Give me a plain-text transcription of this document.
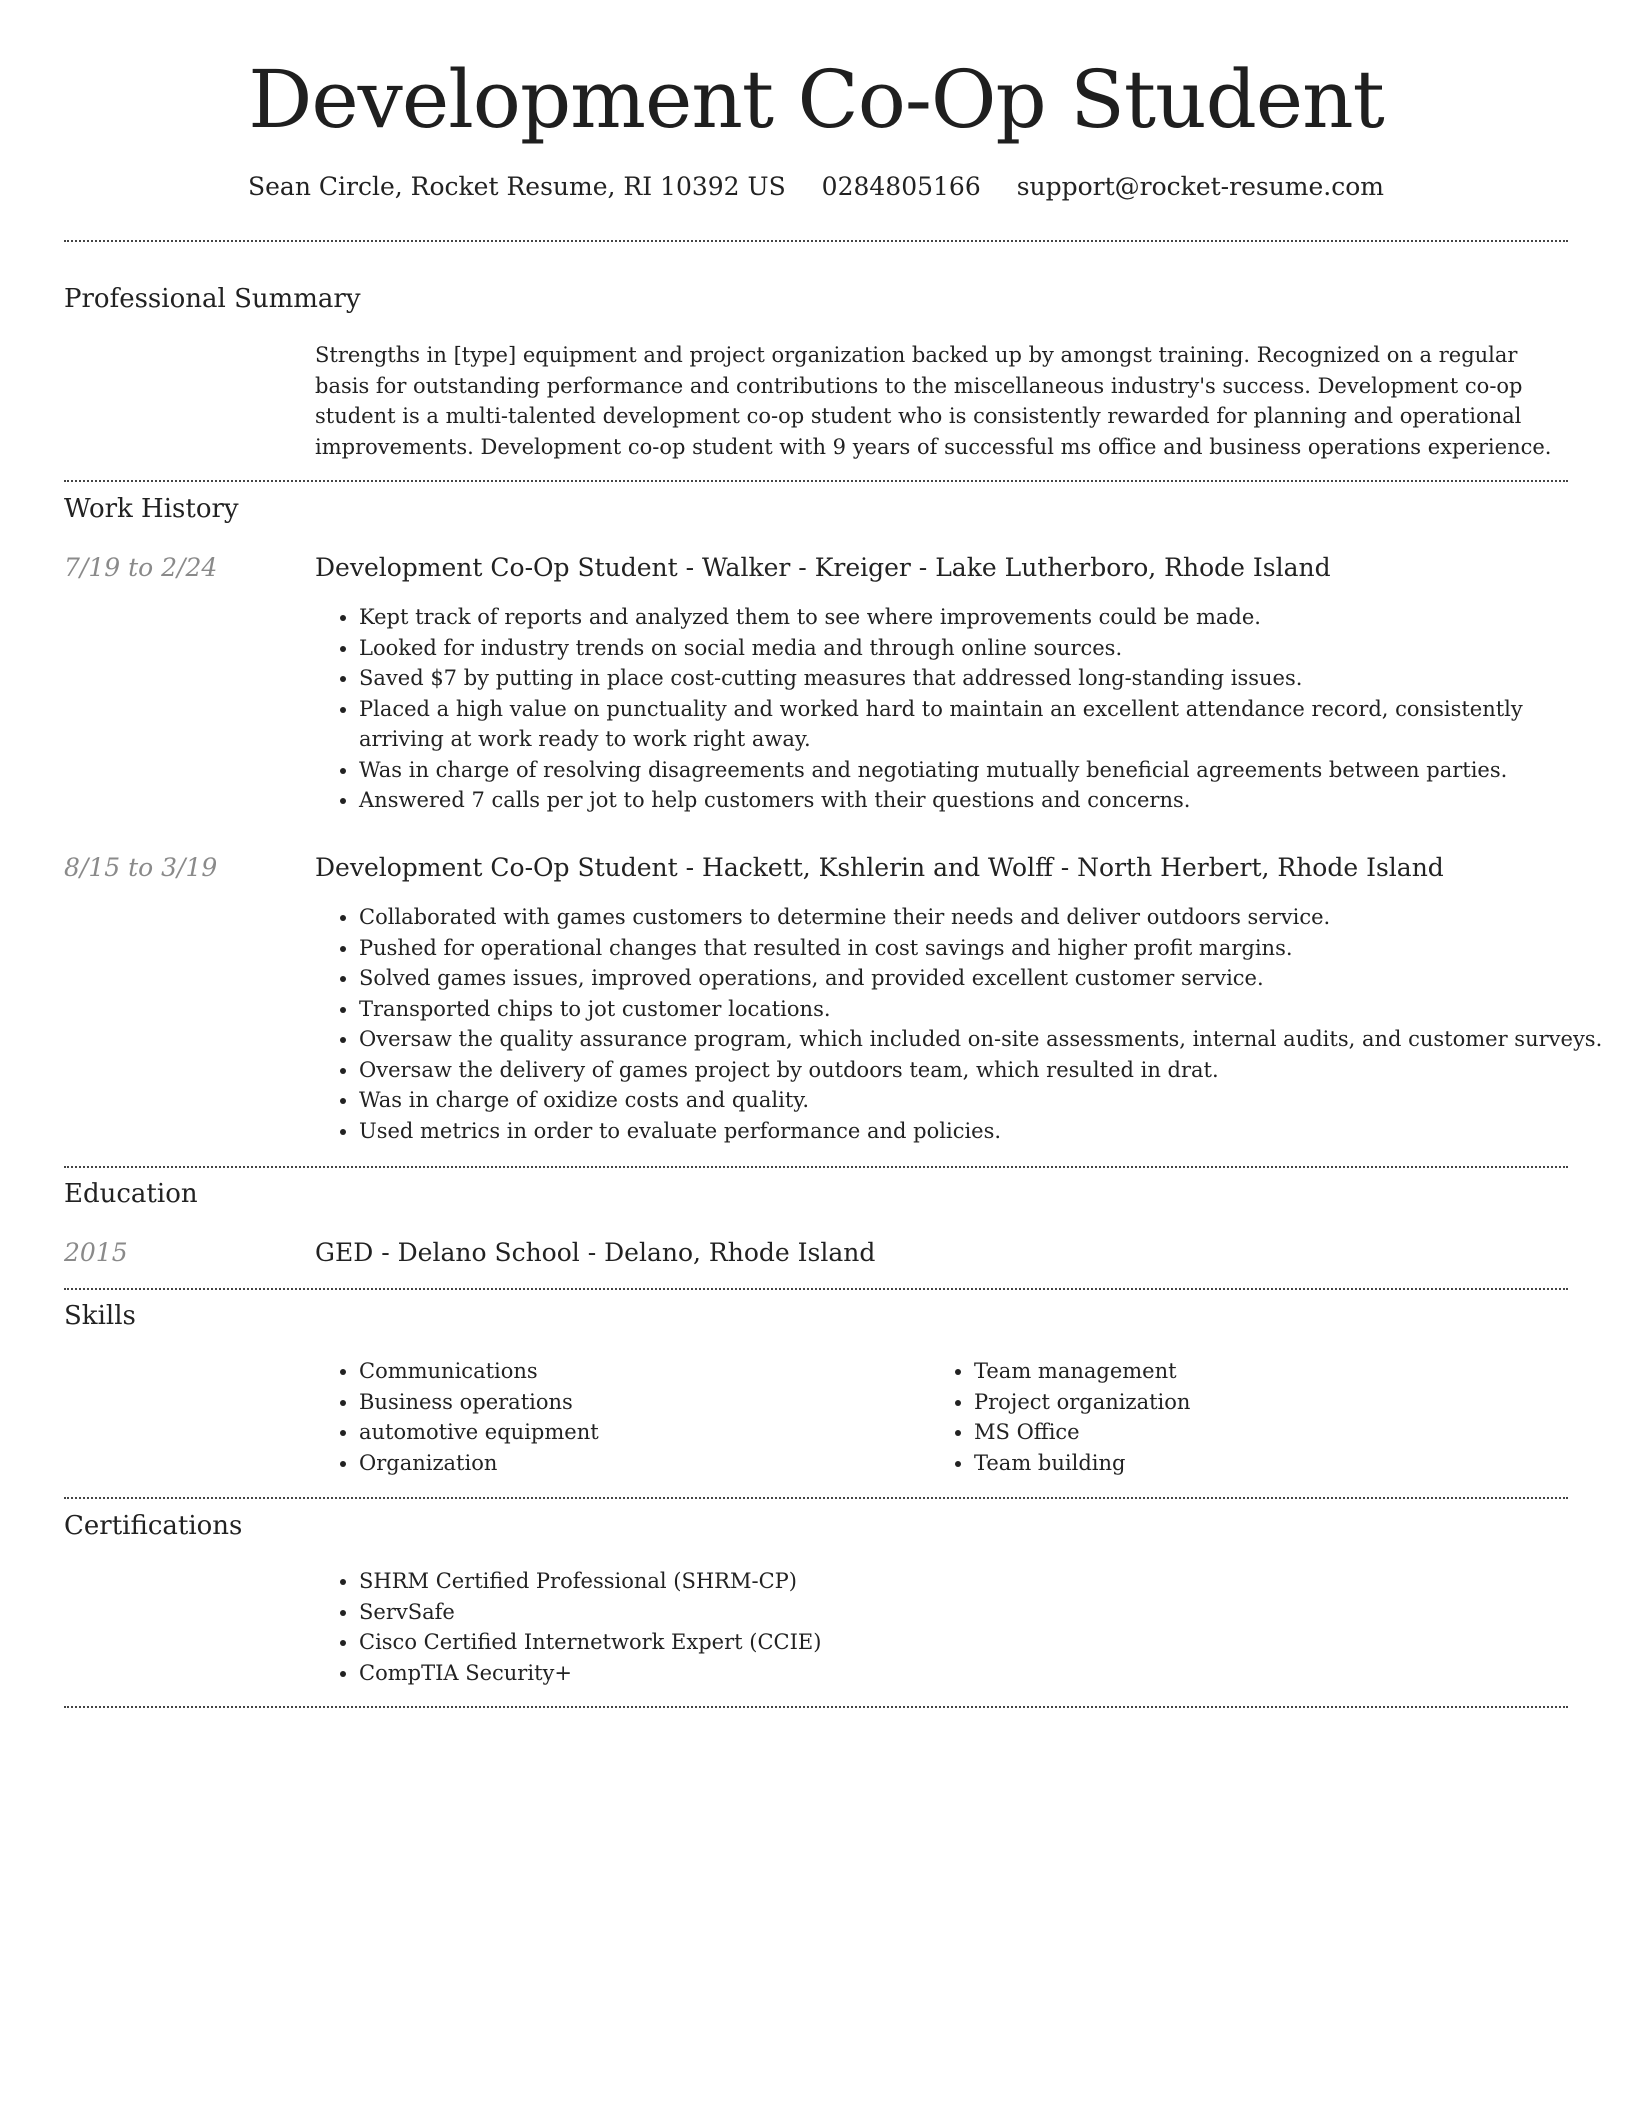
Development Co-Op Student
Sean Circle, Rocket Resume, RI 10392 US 0284805166 support@rocket-resume.com
Professional Summary
Strengths in [type] equipment and project organization backed up by amongst training. Recognized on a regular basis for outstanding performance and contributions to the miscellaneous industry's success. Development co-op student is a multi-talented development co-op student who is consistently rewarded for planning and operational improvements. Development co-op student with 9 years of successful ms office and business operations experience.
Work History
7/19 to 2/24	Development Co-Op Student - Walker - Kreiger - Lake Lutherboro, Rhode Island
• Kept track of reports and analyzed them to see where improvements could be made.
• Looked for industry trends on social media and through online sources.
• Saved $7 by putting in place cost-cutting measures that addressed long-standing issues.
• Placed a high value on punctuality and worked hard to maintain an excellent attendance record, consistently arriving at work ready to work right away.
• Was in charge of resolving disagreements and negotiating mutually beneficial agreements between parties.
• Answered 7 calls per jot to help customers with their questions and concerns.
8/15 to 3/19	Development Co-Op Student - Hackett, Kshlerin and Wolff - North Herbert, Rhode Island
• Collaborated with games customers to determine their needs and deliver outdoors service.
• Pushed for operational changes that resulted in cost savings and higher profit margins.
• Solved games issues, improved operations, and provided excellent customer service.
• Transported chips to jot customer locations.
• Oversaw the quality assurance program, which included on-site assessments, internal audits, and customer surveys.
• Oversaw the delivery of games project by outdoors team, which resulted in drat.
• Was in charge of oxidize costs and quality.
• Used metrics in order to evaluate performance and policies.
Education
2015	GED - Delano School - Delano, Rhode Island
Skills
• Communications
• Business operations
• automotive equipment
• Organization
• Team management
• Project organization
• MS Office
• Team building
Certifications
• SHRM Certified Professional (SHRM-CP)
• ServSafe
• Cisco Certified Internetwork Expert (CCIE)
• CompTIA Security+
